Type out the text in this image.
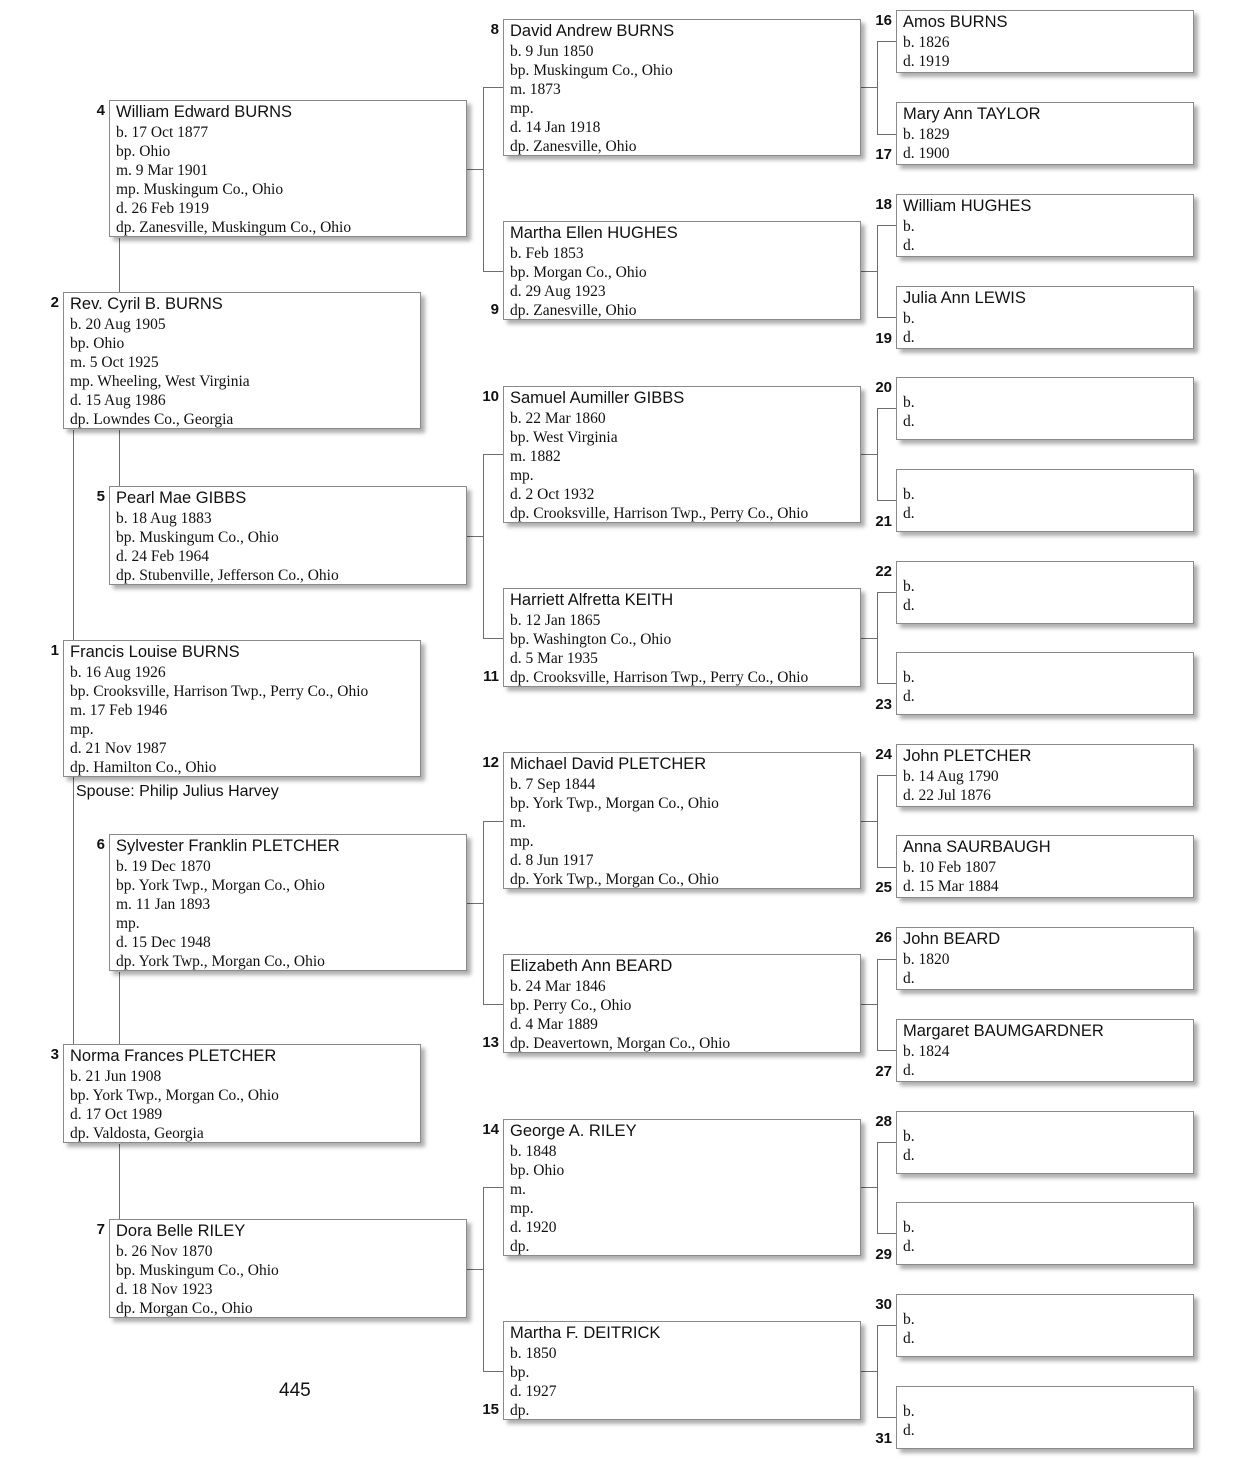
Francis Louise BURNS
b. 16 Aug 1926
bp. Crooksville, Harrison Twp., Perry Co., Ohio
m. 17 Feb 1946
mp.
d. 21 Nov 1987
dp. Hamilton Co., Ohio
1
Rev. Cyril B. BURNS
b. 20 Aug 1905
bp. Ohio
m. 5 Oct 1925
mp. Wheeling, West Virginia
d. 15 Aug 1986
dp. Lowndes Co., Georgia
2
Norma Frances PLETCHER
b. 21 Jun 1908
bp. York Twp., Morgan Co., Ohio
d. 17 Oct 1989
dp. Valdosta, Georgia
3
William Edward BURNS
b. 17 Oct 1877
bp. Ohio
m. 9 Mar 1901
mp. Muskingum Co., Ohio
d. 26 Feb 1919
dp. Zanesville, Muskingum Co., Ohio
4
Pearl Mae GIBBS
b. 18 Aug 1883
bp. Muskingum Co., Ohio
d. 24 Feb 1964
dp. Stubenville, Jefferson Co., Ohio
5
Sylvester Franklin PLETCHER
b. 19 Dec 1870
bp. York Twp., Morgan Co., Ohio
m. 11 Jan 1893
mp.
d. 15 Dec 1948
dp. York Twp., Morgan Co., Ohio
6
Dora Belle RILEY
b. 26 Nov 1870
bp. Muskingum Co., Ohio
d. 18 Nov 1923
dp. Morgan Co., Ohio
7
David Andrew BURNS
b. 9 Jun 1850
bp. Muskingum Co., Ohio
m. 1873
mp.
d. 14 Jan 1918
dp. Zanesville, Ohio
8
Martha Ellen HUGHES
b. Feb 1853
bp. Morgan Co., Ohio
d. 29 Aug 1923
dp. Zanesville, Ohio
9
Samuel Aumiller GIBBS
b. 22 Mar 1860
bp. West Virginia
m. 1882
mp.
d. 2 Oct 1932
dp. Crooksville, Harrison Twp., Perry Co., Ohio
10
Harriett Alfretta KEITH
b. 12 Jan 1865
bp. Washington Co., Ohio
d. 5 Mar 1935
dp. Crooksville, Harrison Twp., Perry Co., Ohio
11
Michael David PLETCHER
b. 7 Sep 1844
bp. York Twp., Morgan Co., Ohio
m.
mp.
d. 8 Jun 1917
dp. York Twp., Morgan Co., Ohio
12
Elizabeth Ann BEARD
b. 24 Mar 1846
bp. Perry Co., Ohio
d. 4 Mar 1889
dp. Deavertown, Morgan Co., Ohio
13
George A. RILEY
b. 1848
bp. Ohio
m.
mp.
d. 1920
dp.
14
Martha F. DEITRICK
b. 1850
bp.
d. 1927
dp.
15
Amos BURNS
b. 1826
d. 1919
16
Mary Ann TAYLOR
b. 1829
d. 1900
17
William HUGHES
b.
d.
18
Julia Ann LEWIS
b.
d.
19

b.
d.
20

b.
d.
21

b.
d.
22

b.
d.
23
John PLETCHER
b. 14 Aug 1790
d. 22 Jul 1876
24
Anna SAURBAUGH
b. 10 Feb 1807
d. 15 Mar 1884
25
John BEARD
b. 1820
d.
26
Margaret BAUMGARDNER
b. 1824
d.
27

b.
d.
28

b.
d.
29

b.
d.
30

b.
d.
31
Spouse: Philip Julius Harvey
445
